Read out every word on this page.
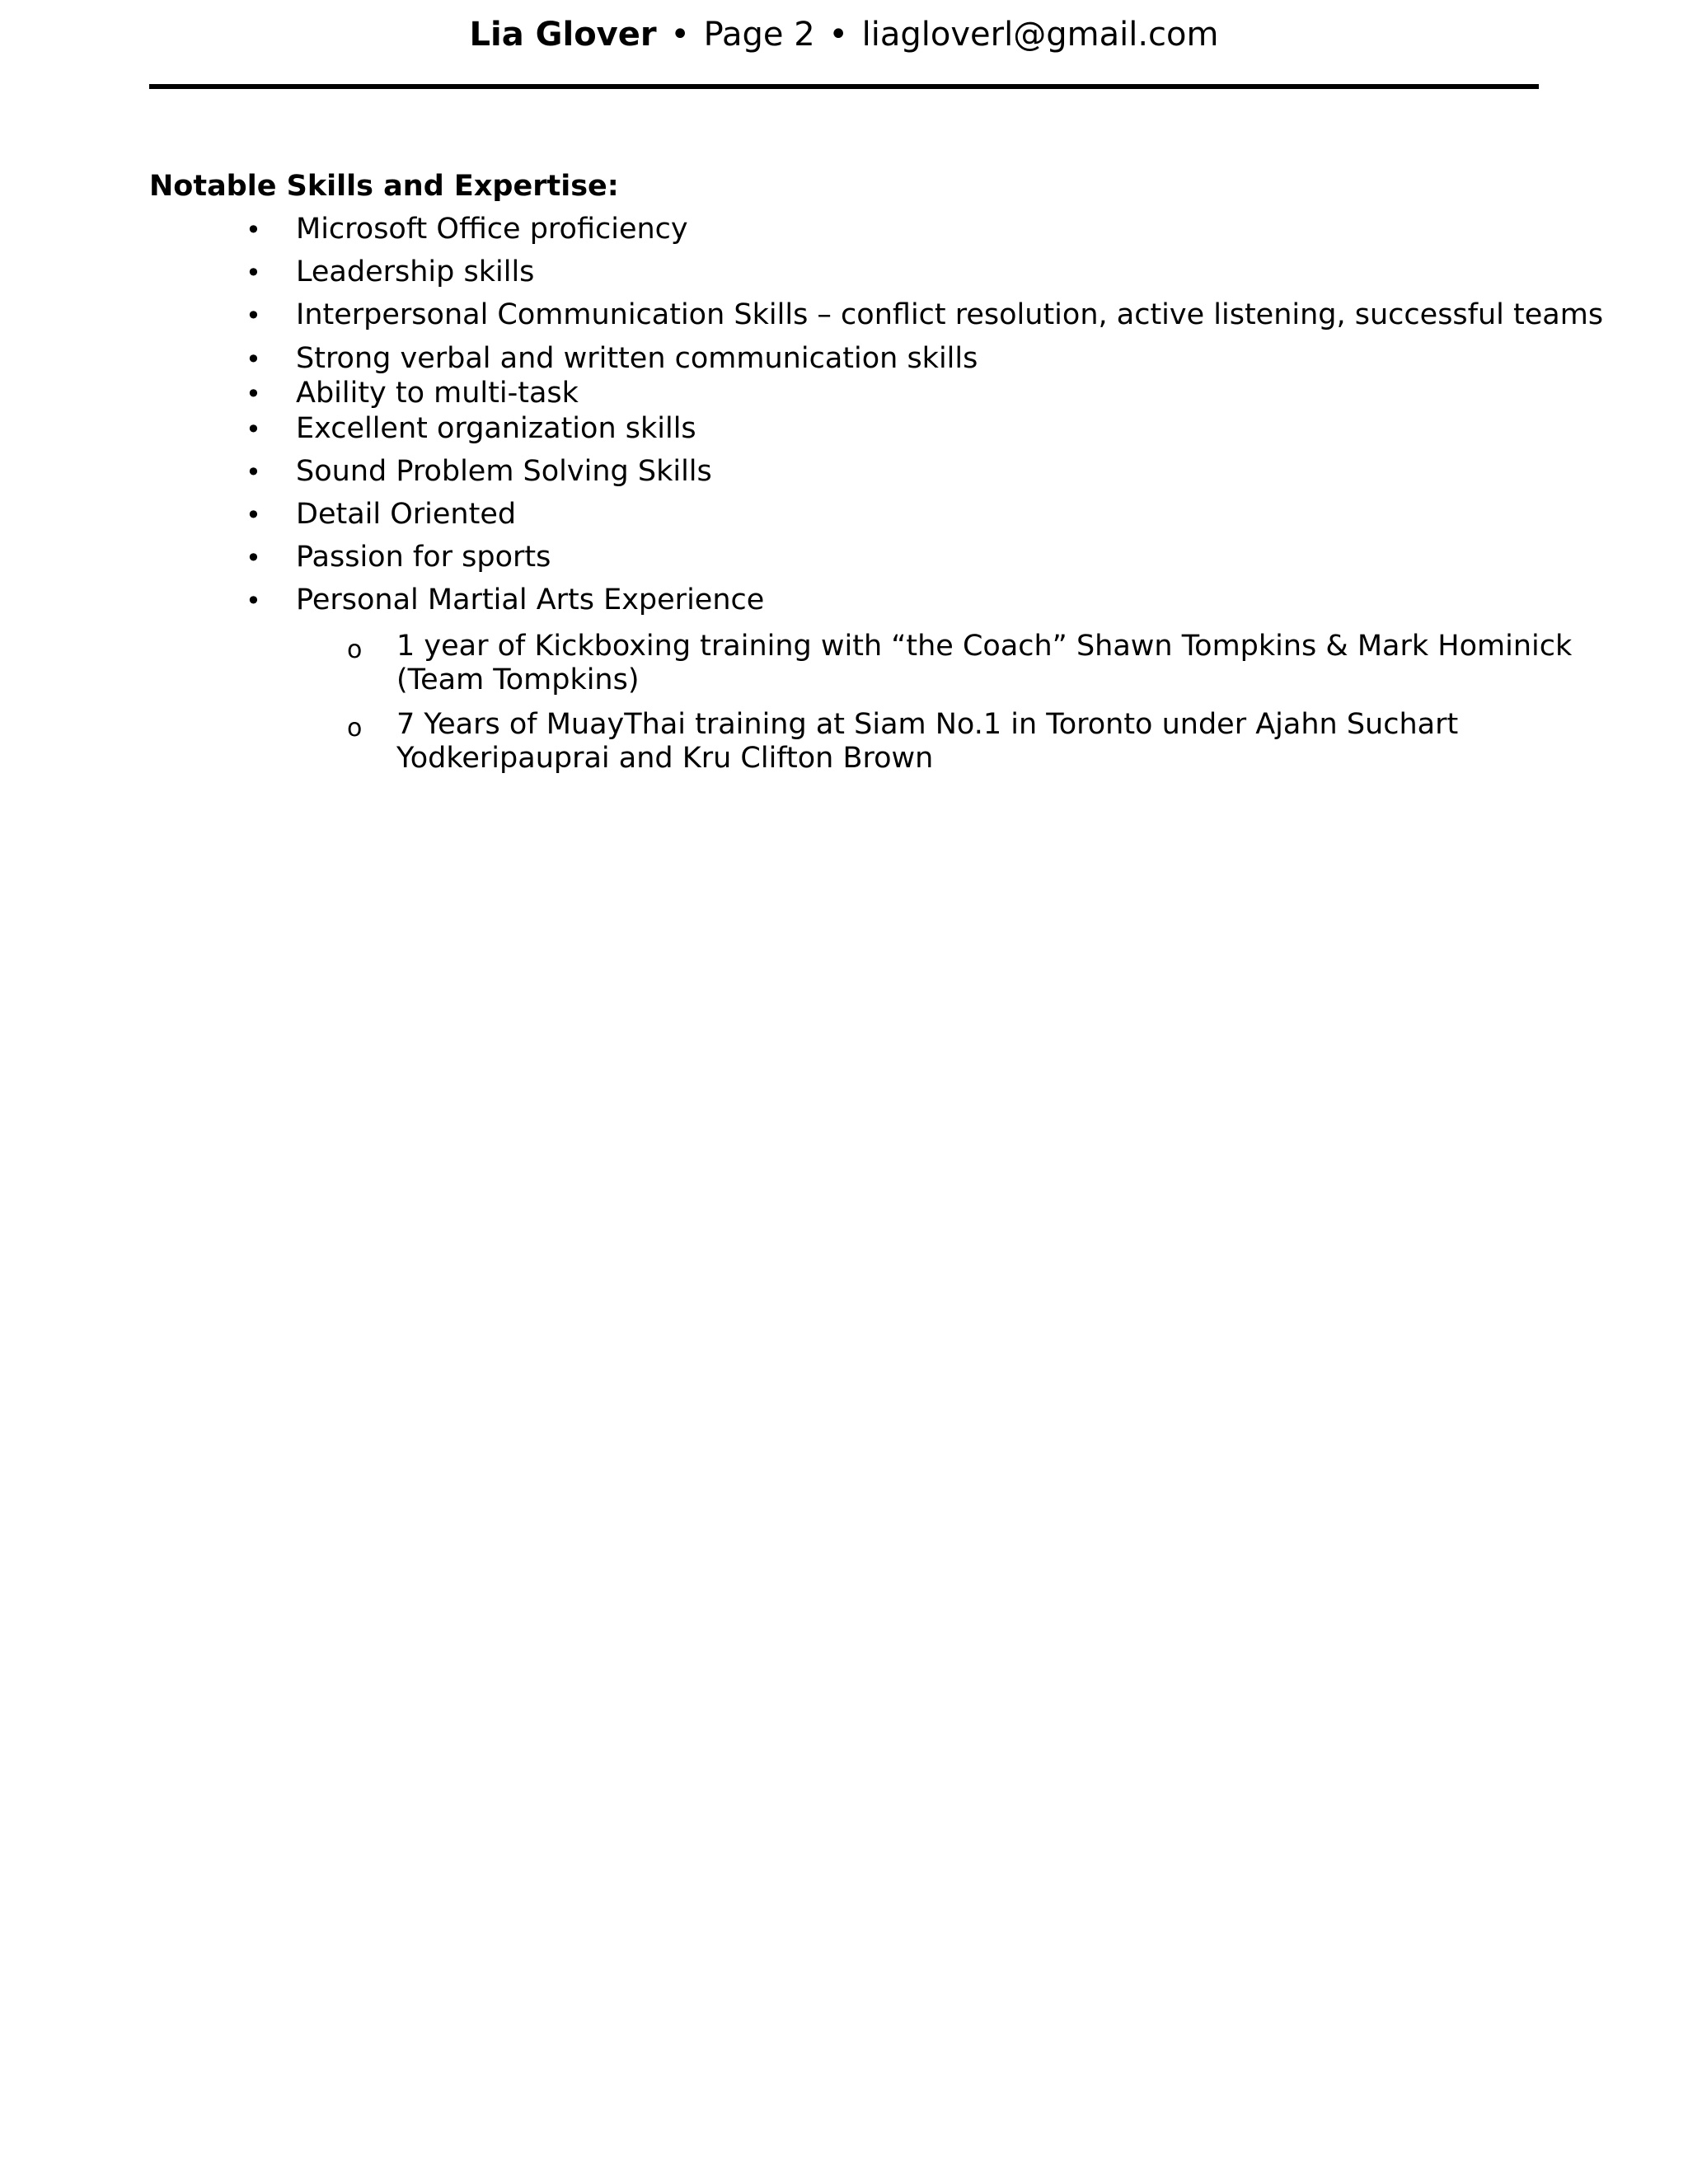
Lia Glover • Page 2 • liagloverl@gmail.com
Notable Skills and Expertise:
• Microsoft Office proficiency
• Leadership skills
• Interpersonal Communication Skills – conflict resolution, active listening, successful teams
• Strong verbal and written communication skills
• Ability to multi-task
• Excellent organization skills
• Sound Problem Solving Skills
• Detail Oriented
• Passion for sports
• Personal Martial Arts Experience
o 1 year of Kickboxing training with “the Coach” Shawn Tompkins & Mark Hominick
(Team Tompkins)
o 7 Years of MuayThai training at Siam No.1 in Toronto under Ajahn Suchart
Yodkeripauprai and Kru Clifton Brown
